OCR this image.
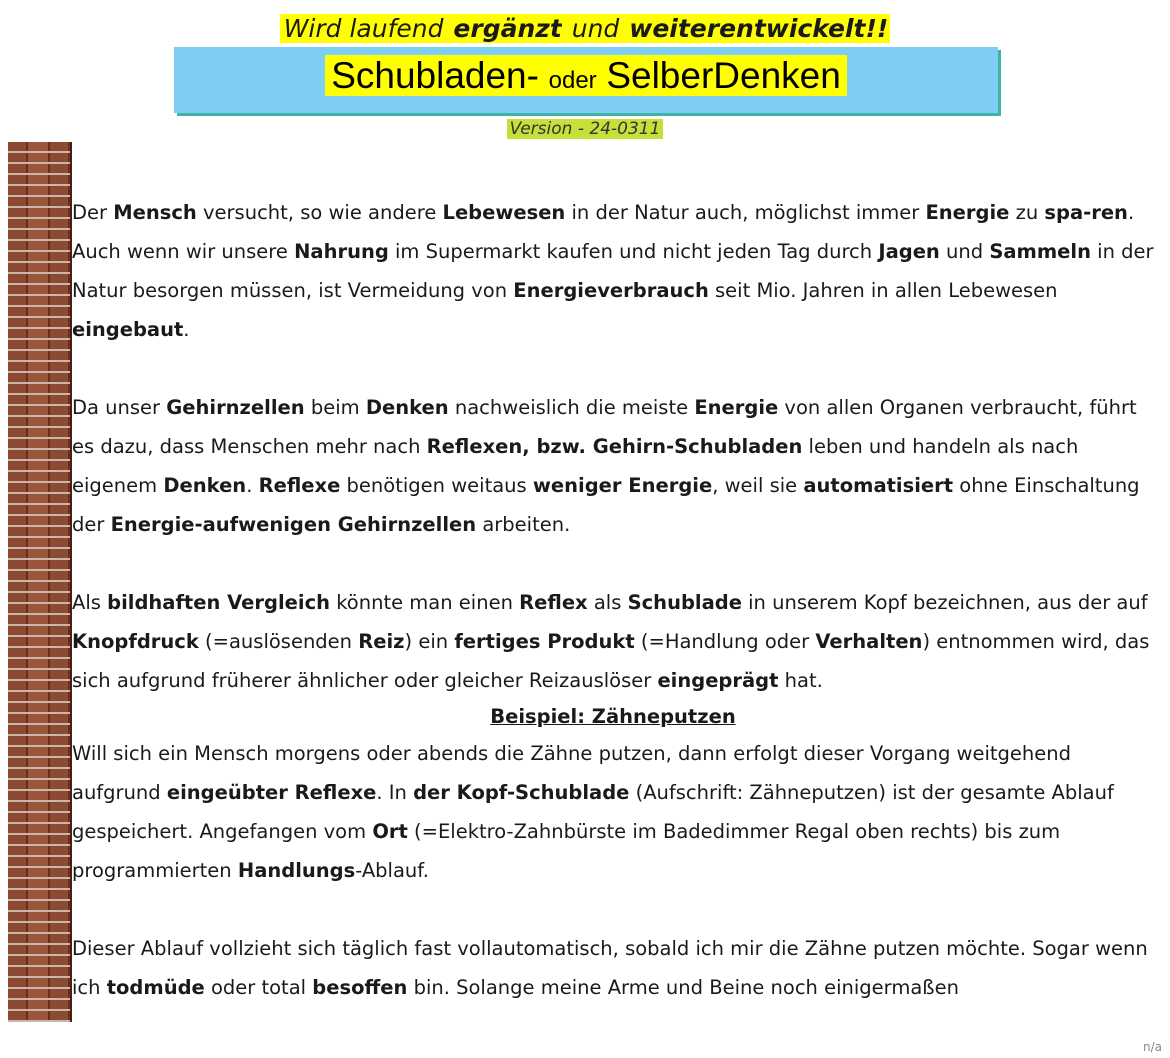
Wird laufend ergänzt und weiterentwickelt!!
Schubladen- oder SelberDenken
Version - 24-0311

Der Mensch versucht, so wie andere Lebewesen in der Natur auch, möglichst immer Energie zu spa-ren. Auch wenn wir unsere Nahrung im Supermarkt kaufen und nicht jeden Tag durch Jagen und Sammeln in der Natur besorgen müssen, ist Vermeidung von Energieverbrauch seit Mio. Jahren in allen Lebewesen eingebaut.

Da unser Gehirnzellen beim Denken nachweislich die meiste Energie von allen Organen verbraucht, führt es dazu, dass Menschen mehr nach Reflexen, bzw. Gehirn-Schubladen leben und handeln als nach eigenem Denken. Reflexe benötigen weitaus weniger Energie, weil sie automatisiert ohne Einschaltung der Energie-aufwenigen Gehirnzellen arbeiten.

Als bildhaften Vergleich könnte man einen Reflex als Schublade in unserem Kopf bezeichnen, aus der auf Knopfdruck (=auslösenden Reiz) ein fertiges Produkt (=Handlung oder Verhalten) entnommen wird, das sich aufgrund früherer ähnlicher oder gleicher Reizauslöser eingeprägt hat.

Beispiel: Zähneputzen

Will sich ein Mensch morgens oder abends die Zähne putzen, dann erfolgt dieser Vorgang weitgehend aufgrund eingeübter Reflexe. In der Kopf-Schublade (Aufschrift: Zähneputzen) ist der gesamte Ablauf gespeichert. Angefangen vom Ort (=Elektro-Zahnbürste im Badedimmer Regal oben rechts) bis zum programmierten Handlungs-Ablauf.

Dieser Ablauf vollzieht sich täglich fast vollautomatisch, sobald ich mir die Zähne putzen möchte. Sogar wenn ich todmüde oder total besoffen bin. Solange meine Arme und Beine noch einigermaßen

n/a
